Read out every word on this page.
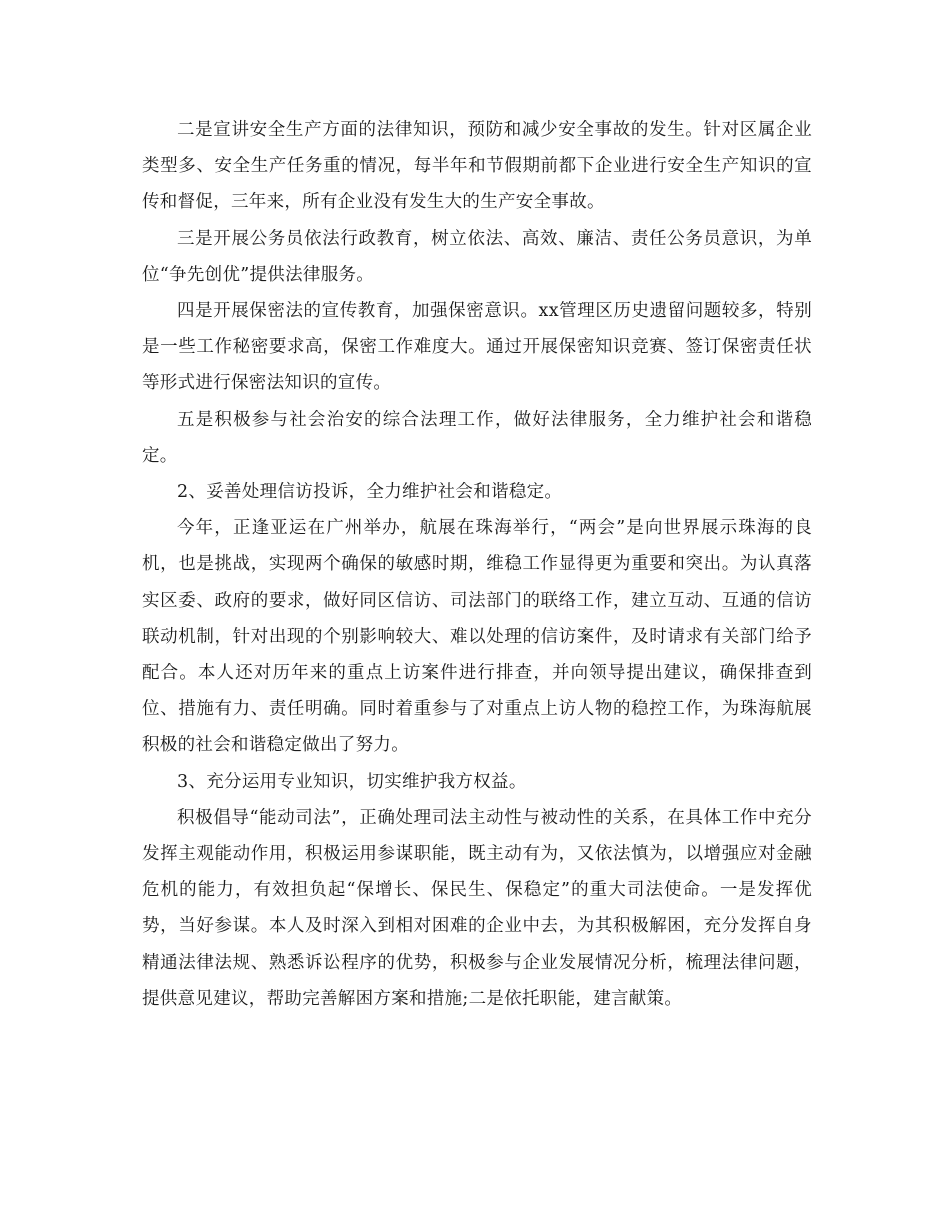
二是宣讲安全生产方面的法律知识，预防和减少安全事故的发生。针对区属企业类型多、安全生产任务重的情况，每半年和节假期前都下企业进行安全生产知识的宣传和督促，三年来，所有企业没有发生大的生产安全事故。

三是开展公务员依法行政教育，树立依法、高效、廉洁、责任公务员意识，为单位“争先创优”提供法律服务。

四是开展保密法的宣传教育，加强保密意识。xx管理区历史遗留问题较多，特别是一些工作秘密要求高，保密工作难度大。通过开展保密知识竞赛、签订保密责任状等形式进行保密法知识的宣传。

五是积极参与社会治安的综合法理工作，做好法律服务，全力维护社会和谐稳定。

2、妥善处理信访投诉，全力维护社会和谐稳定。

今年，正逢亚运在广州举办，航展在珠海举行，“两会”是向世界展示珠海的良机，也是挑战，实现两个确保的敏感时期，维稳工作显得更为重要和突出。为认真落实区委、政府的要求，做好同区信访、司法部门的联络工作，建立互动、互通的信访联动机制，针对出现的个别影响较大、难以处理的信访案件，及时请求有关部门给予配合。本人还对历年来的重点上访案件进行排查，并向领导提出建议，确保排查到位、措施有力、责任明确。同时着重参与了对重点上访人物的稳控工作，为珠海航展积极的社会和谐稳定做出了努力。

3、充分运用专业知识，切实维护我方权益。

积极倡导“能动司法”，正确处理司法主动性与被动性的关系，在具体工作中充分发挥主观能动作用，积极运用参谋职能，既主动有为，又依法慎为，以增强应对金融危机的能力，有效担负起“保增长、保民生、保稳定”的重大司法使命。一是发挥优势，当好参谋。本人及时深入到相对困难的企业中去，为其积极解困，充分发挥自身精通法律法规、熟悉诉讼程序的优势，积极参与企业发展情况分析，梳理法律问题，提供意见建议，帮助完善解困方案和措施;二是依托职能，建言献策。
